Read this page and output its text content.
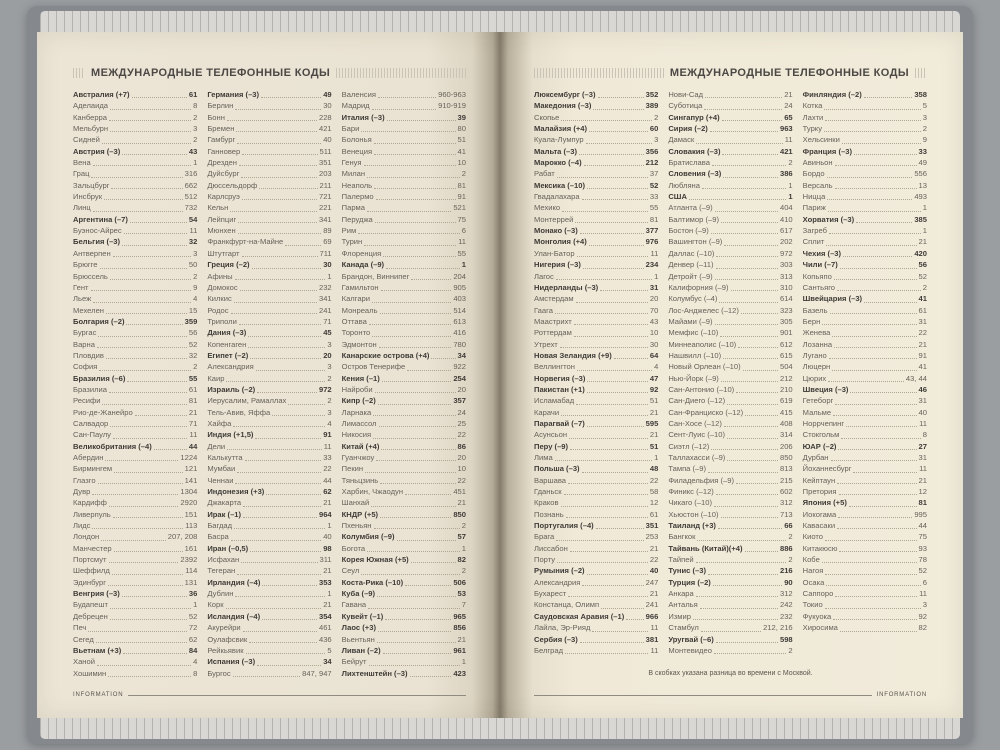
МЕЖДУНАРОДНЫЕ ТЕЛЕФОННЫЕ КОДЫ
Австралия (+7)	61
Аделаида	8
Канберра	2
Мельбурн	3
Сидней	2
Австрия (–3)	43
Вена	1
Грац	316
Зальцбург	662
Инсбрук	512
Линц	732
Аргентина (–7)	54
Буэнос-Айрес	11
Бельгия (–3)	32
Антверпен	3
Брюгге	50
Брюссель	2
Гент	9
Льеж	4
Мехелен	15
Болгария (–2)	359
Бургас	56
Варна	52
Пловдив	32
София	2
Бразилия (–6)	55
Бразилиа	61
Ресифи	81
Рио-де-Жанейро	21
Салвадор	71
Сан-Паулу	11
Великобритания (–4)	44
Абердин	1224
Бирмингем	121
Глазго	141
Дувр	1304
Кардифф	2920
Ливерпуль	151
Лидс	113
Лондон	207, 208
Манчестер	161
Портсмут	2392
Шеффилд	114
Эдинбург	131
Венгрия (–3)	36
Будапешт	1
Дебрецен	52
Печ	72
Сегед	62
Вьетнам (+3)	84
Ханой	4
Хошимин	8
Германия (–3)	49
Берлин	30
Бонн	228
Бремен	421
Гамбург	40
Ганновер	511
Дрезден	351
Дуйсбург	203
Дюссельдорф	211
Карлсруэ	721
Кельн	221
Лейпциг	341
Мюнхен	89
Франкфурт-на-Майне	69
Штутгарт	711
Греция (–2)	30
Афины	1
Домокос	232
Килкис	341
Родос	241
Триполи	71
Дания (–3)	45
Копенгаген	3
Египет (–2)	20
Александрия	3
Каир	2
Израиль (–2)	972
Иерусалим, Рамаллах	2
Тель-Авив, Яффа	3
Хайфа	4
Индия (+1,5)	91
Дели	11
Калькутта	33
Мумбаи	22
Ченнаи	44
Индонезия (+3)	62
Джакарта	21
Ирак (–1)	964
Багдад	1
Басра	40
Иран (–0,5)	98
Исфахан	311
Тегеран	21
Ирландия (–4)	353
Дублин	1
Корк	21
Исландия (–4)	354
Акурейри	461
Оулафсвик	436
Рейкьявик	5
Испания (–3)	34
Бургос	847, 947
Валенсия	960-963
Мадрид	910-919
Италия (–3)	39
Бари	80
Болонья	51
Венеция	41
Генуя	10
Милан	2
Неаполь	81
Палермо	91
Парма	521
Перуджа	75
Рим	6
Турин	11
Флоренция	55
Канада (–9)	1
Брандон, Виннипег	204
Гамильтон	905
Калгари	403
Монреаль	514
Оттава	613
Торонто	416
Эдмонтон	780
Канарские острова (+4)	34
Остров Тенерифе	922
Кения (–1)	254
Найроби	20
Кипр (–2)	357
Ларнака	24
Лимассол	25
Никосия	22
Китай (+4)	86
Гуанчжоу	20
Пекин	10
Тяньцзинь	22
Харбин, Чжаодун	451
Шанхай	21
КНДР (+5)	850
Пхеньян	2
Колумбия (–9)	57
Богота	1
Корея Южная (+5)	82
Сеул	2
Коста-Рика (–10)	506
Куба (–9)	53
Гавана	7
Кувейт (–1)	965
Лаос (+3)	856
Вьентьян	21
Ливан (–2)	961
Бейрут	1
Лихтенштейн (–3)	423
INFORMATION
МЕЖДУНАРОДНЫЕ ТЕЛЕФОННЫЕ КОДЫ
Люксембург (–3)	352
Македония (–3)	389
Скопье	2
Малайзия (+4)	60
Куала-Лумпур	3
Мальта (–3)	356
Марокко (–4)	212
Рабат	37
Мексика (–10)	52
Гвадалахара	33
Мехико	55
Монтеррей	81
Монако (–3)	377
Монголия (+4)	976
Улан-Батор	11
Нигерия (–3)	234
Лагос	1
Нидерланды (–3)	31
Амстердам	20
Гаага	70
Маастрихт	43
Роттердам	10
Утрехт	30
Новая Зеландия (+9)	64
Веллингтон	4
Норвегия (–3)	47
Пакистан (+1)	92
Исламабад	51
Карачи	21
Парагвай (–7)	595
Асунсьон	21
Перу (–9)	51
Лима	1
Польша (–3)	48
Варшава	22
Гданьск	58
Краков	12
Познань	61
Португалия (–4)	351
Брага	253
Лиссабон	21
Порту	22
Румыния (–2)	40
Александрия	247
Бухарест	21
Констанца, Олимп	241
Саудовская Аравия (–1)	966
Лайла, Эр-Рияд	11
Сербия (–3)	381
Белград	11
Нови-Сад	21
Суботица	24
Сингапур (+4)	65
Сирия (–2)	963
Дамаск	11
Словакия (–3)	421
Братислава	2
Словения (–3)	386
Любляна	1
США	1
Атланта (–9)	404
Балтимор (–9)	410
Бостон (–9)	617
Вашингтон (–9)	202
Даллас (–10)	972
Денвер (–11)	303
Детройт (–9)	313
Калифорния (–9)	310
Колумбус (–4)	614
Лос-Анджелес (–12)	323
Майами (–9)	305
Мемфис (–10)	901
Миннеаполис (–10)	612
Нашвилл (–10)	615
Новый Орлеан (–10)	504
Нью-Йорк (–9)	212
Сан-Антонио (–10)	210
Сан-Диего (–12)	619
Сан-Франциско (–12)	415
Сан-Хосе (–12)	408
Сент-Луис (–10)	314
Сиэтл (–12)	206
Таллахасси (–9)	850
Тампа (–9)	813
Филадельфия (–9)	215
Финикс (–12)	602
Чикаго (–10)	312
Хьюстон (–10)	713
Таиланд (+3)	66
Бангкок	2
Тайвань (Китай)(+4)	886
Тайпей	2
Тунис (–3)	216
Турция (–2)	90
Анкара	312
Анталья	242
Измир	232
Стамбул	212, 216
Уругвай (–6)	598
Монтевидео	2
Финляндия (–2)	358
Котка	5
Лахти	3
Турку	2
Хельсинки	9
Франция (–3)	33
Авиньон	49
Бордо	556
Версаль	13
Ницца	493
Париж	1
Хорватия (–3)	385
Загреб	1
Сплит	21
Чехия (–3)	420
Чили (–7)	56
Копьяпо	52
Сантьяго	2
Швейцария (–3)	41
Базель	61
Берн	31
Женева	22
Лозанна	21
Лугано	91
Люцерн	41
Цюрих	43, 44
Швеция (–3)	46
Гетеборг	31
Мальме	40
Норрчепинг	11
Стокгольм	8
ЮАР (–2)	27
Дурбан	31
Йоханнесбург	11
Кейптаун	21
Претория	12
Япония (+5)	81
Иокогама	995
Кавасаки	44
Киото	75
Китакюсю	93
Кобе	78
Нагоя	52
Осака	6
Саппоро	11
Токио	3
Фукуока	92
Хиросима	82
В скобках указана разница во времени с Москвой.
INFORMATION
